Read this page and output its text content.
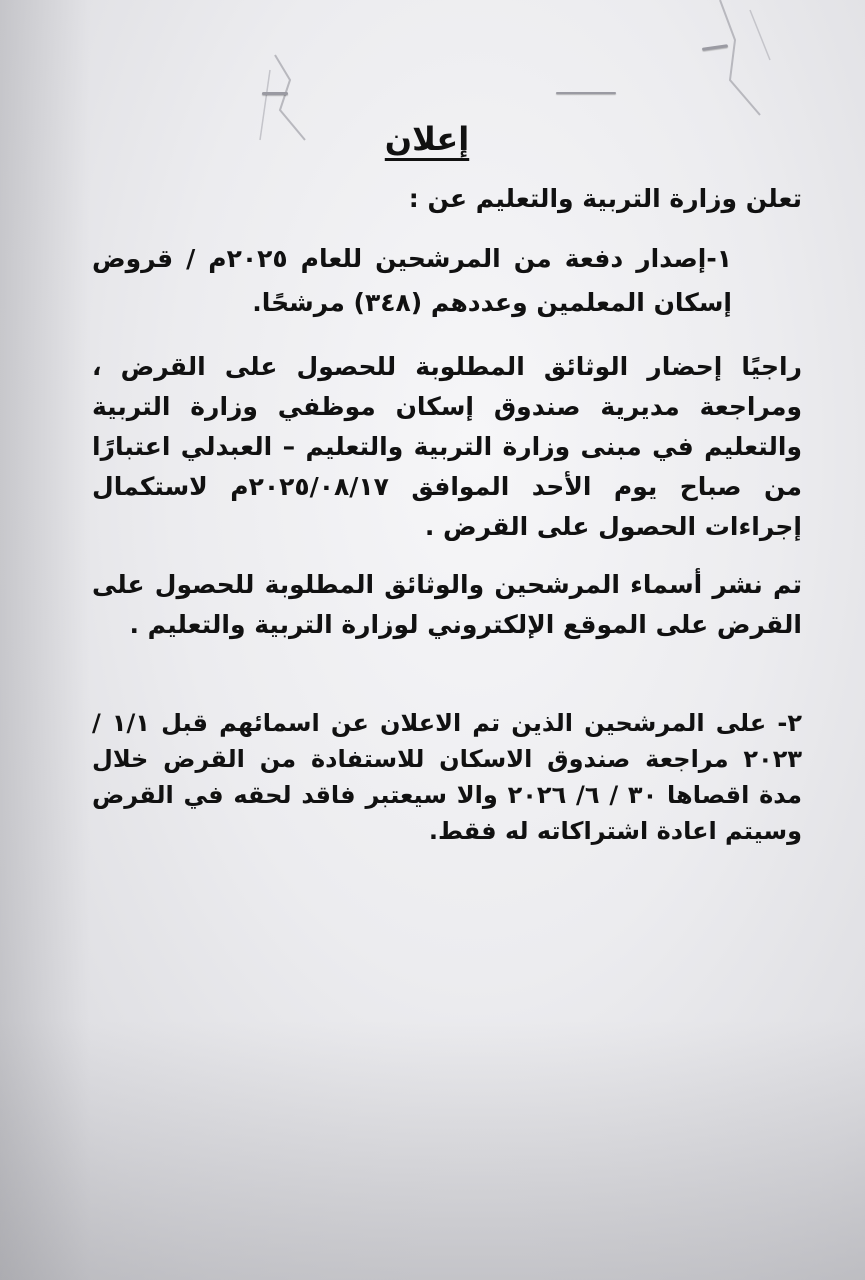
إعلان
تعلن وزارة التربية والتعليم عن :
١-إصدار دفعة من المرشحين للعام ٢٠٢٥م / قروض إسكان المعلمين وعددهم (٣٤٨) مرشحًا.
راجيًا إحضار الوثائق المطلوبة للحصول على القرض ، ومراجعة مديرية صندوق إسكان موظفي وزارة التربية والتعليم في مبنى وزارة التربية والتعليم – العبدلي اعتبارًا من صباح يوم الأحد الموافق ٢٠٢٥/٠٨/١٧م لاستكمال إجراءات الحصول على القرض .
تم نشر أسماء المرشحين والوثائق المطلوبة للحصول على القرض على الموقع الإلكتروني لوزارة التربية والتعليم .
٢- على المرشحين الذين تم الاعلان عن اسمائهم قبل ١/١ /٢٠٢٣ مراجعة صندوق الاسكان للاستفادة من القرض خلال مدة اقصاها ٣٠ / ٦/ ٢٠٢٦ والا سيعتبر فاقد لحقه في القرض وسيتم اعادة اشتراكاته له فقط.
